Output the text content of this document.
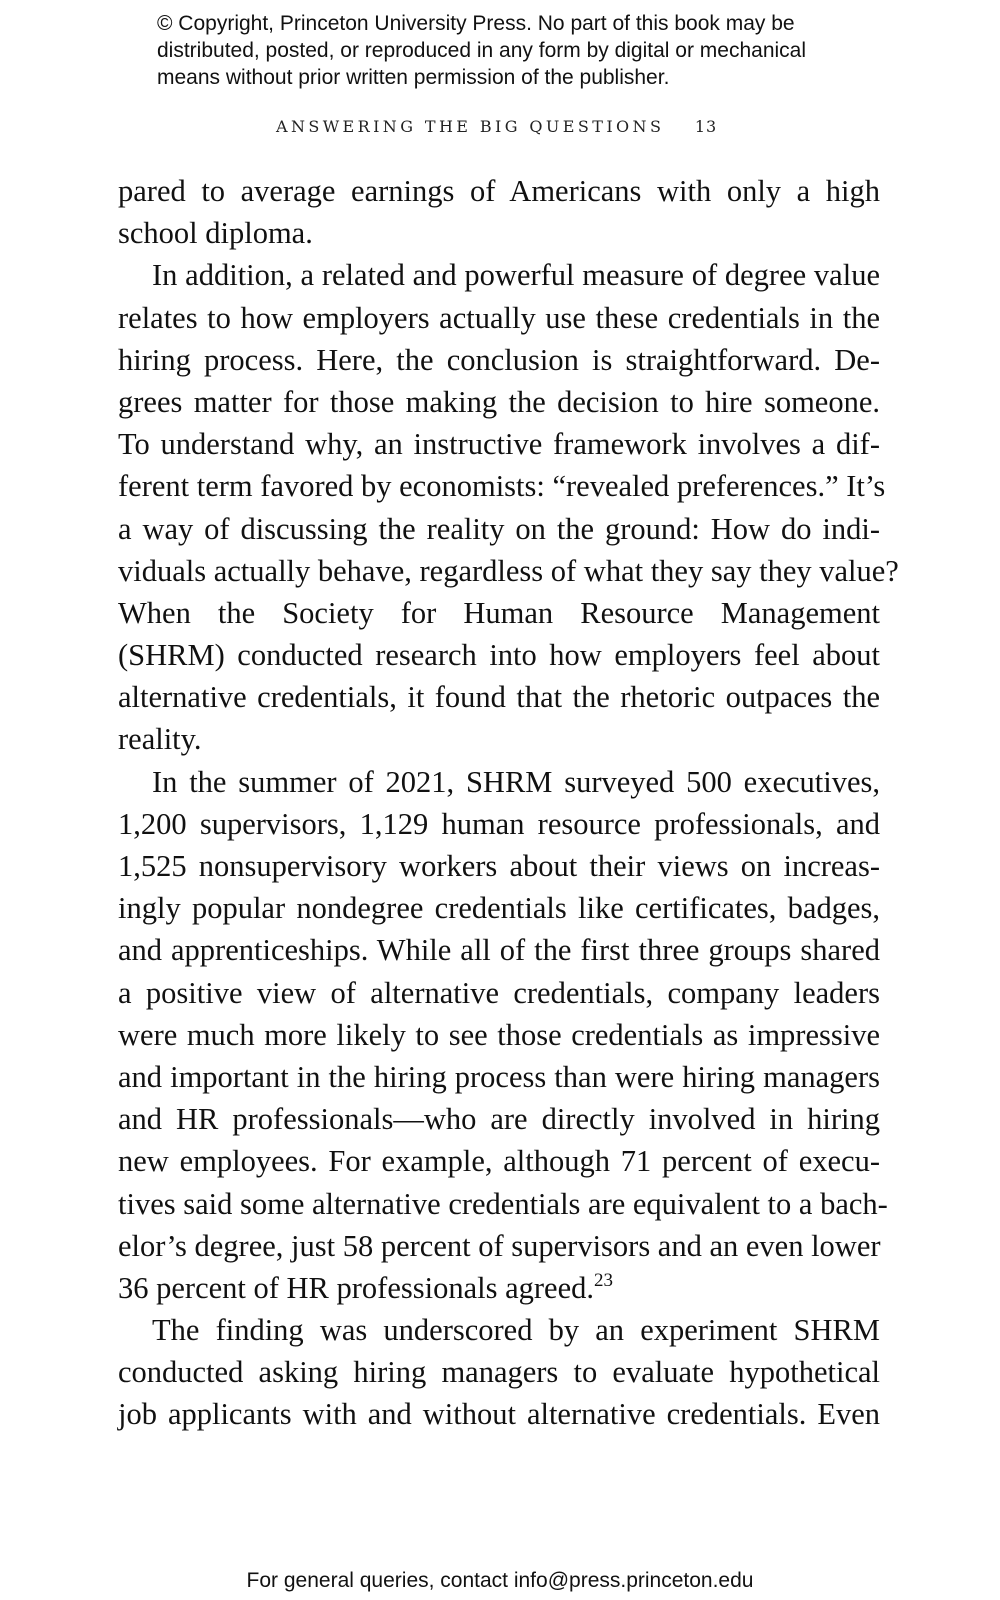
© Copyright, Princeton University Press. No part of this book may be
distributed, posted, or reproduced in any form by digital or mechanical
means without prior written permission of the publisher.
ANSWERING THE BIG QUESTIONS 13
pared to average earnings of Americans with only a high
school diploma.
In addition, a related and powerful measure of degree value
relates to how employers actually use these credentials in the
hiring process. Here, the conclusion is straightforward. De-
grees matter for those making the decision to hire someone.
To understand why, an instructive framework involves a dif-
ferent term favored by economists: “revealed preferences.” It’s
a way of discussing the reality on the ground: How do indi-
viduals actually behave, regardless of what they say they value?
When the Society for Human Resource Management
(SHRM) conducted research into how employers feel about
alternative credentials, it found that the rhetoric outpaces the
reality.
In the summer of 2021, SHRM surveyed 500 executives,
1,200 supervisors, 1,129 human resource professionals, and
1,525 nonsupervisory workers about their views on increas-
ingly popular nondegree credentials like certificates, badges,
and apprenticeships. While all of the first three groups shared
a positive view of alternative credentials, company leaders
were much more likely to see those credentials as impressive
and important in the hiring process than were hiring managers
and HR professionals—who are directly involved in hiring
new employees. For example, although 71 percent of execu-
tives said some alternative credentials are equivalent to a bach-
elor’s degree, just 58 percent of supervisors and an even lower
36 percent of HR professionals agreed.$^{23}$
The finding was underscored by an experiment SHRM
conducted asking hiring managers to evaluate hypothetical
job applicants with and without alternative credentials. Even
For general queries, contact info@press.princeton.edu
